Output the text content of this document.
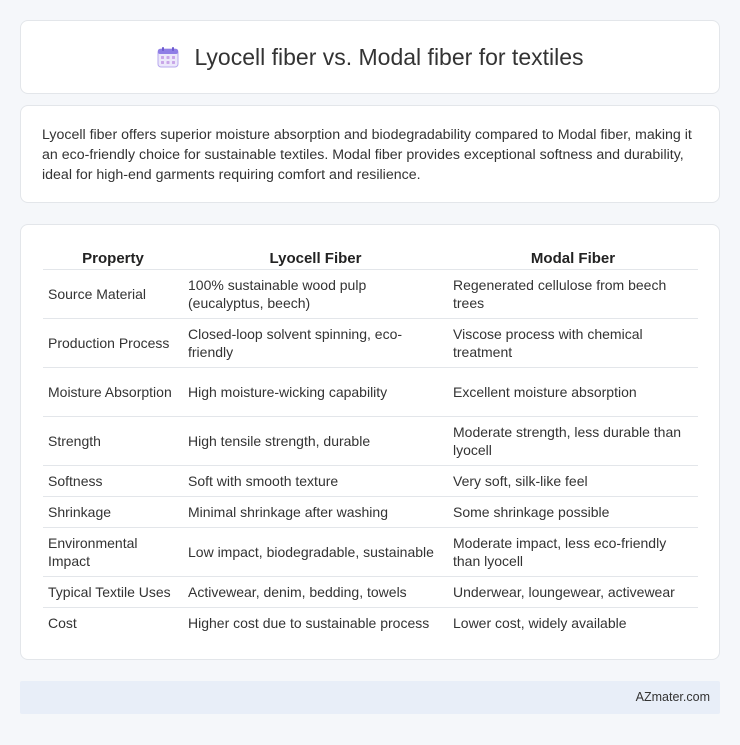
Lyocell fiber vs. Modal fiber for textiles

Lyocell fiber offers superior moisture absorption and biodegradability compared to Modal fiber, making it an eco-friendly choice for sustainable textiles. Modal fiber provides exceptional softness and durability, ideal for high-end garments requiring comfort and resilience.

Property	Lyocell Fiber	Modal Fiber
Source Material	100% sustainable wood pulp (eucalyptus, beech)	Regenerated cellulose from beech trees
Production Process	Closed-loop solvent spinning, eco-friendly	Viscose process with chemical treatment
Moisture Absorption	High moisture-wicking capability	Excellent moisture absorption
Strength	High tensile strength, durable	Moderate strength, less durable than lyocell
Softness	Soft with smooth texture	Very soft, silk-like feel
Shrinkage	Minimal shrinkage after washing	Some shrinkage possible
Environmental Impact	Low impact, biodegradable, sustainable	Moderate impact, less eco-friendly than lyocell
Typical Textile Uses	Activewear, denim, bedding, towels	Underwear, loungewear, activewear
Cost	Higher cost due to sustainable process	Lower cost, widely available
AZmater.com
